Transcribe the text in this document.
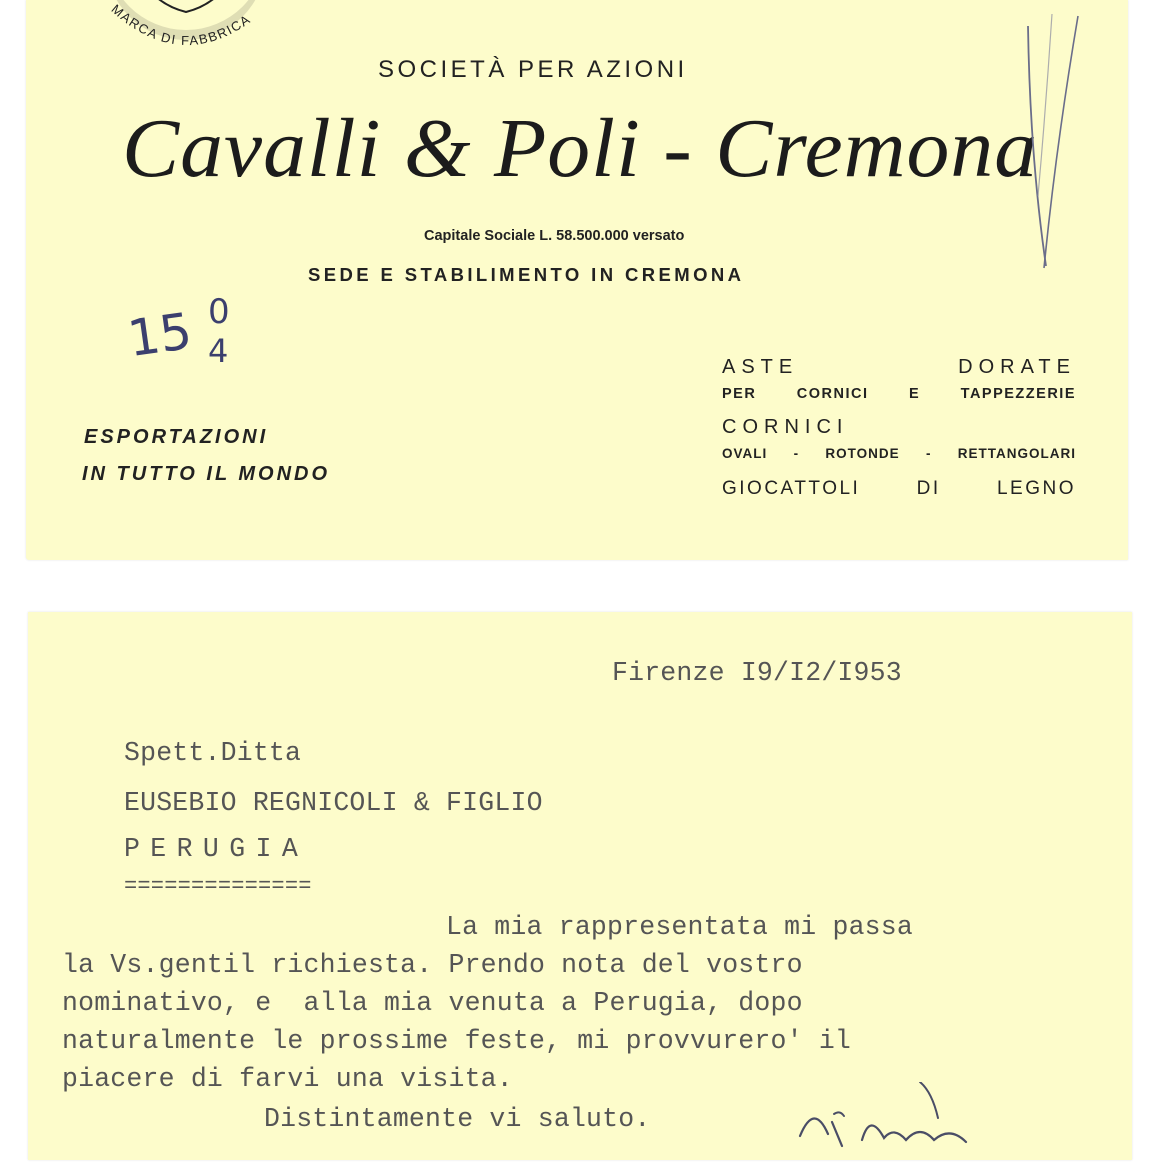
MARCA DI FABBRICA
SOCIETÀ PER AZIONI
Cavalli & Poli - Cremona
Capitale Sociale L. 58.500.000 versato
SEDE E STABILIMENTO IN CREMONA
15 0
4
ESPORTAZIONI
IN TUTTO IL MONDO
ASTE DORATE
PER CORNICI E TAPPEZZERIE
CORNICI
OVALI - ROTONDE - RETTANGOLARI
GIOCATTOLI DI LEGNO
Firenze I9/I2/I953
Spett.Ditta
EUSEBIO REGNICOLI & FIGLIO
PERUGIA
==============
La mia rappresentata mi passa
la Vs.gentil richiesta. Prendo nota del vostro
nominativo, e  alla mia venuta a Perugia, dopo
naturalmente le prossime feste, mi provvurero' il
piacere di farvi una visita.
Distintamente vi saluto.
